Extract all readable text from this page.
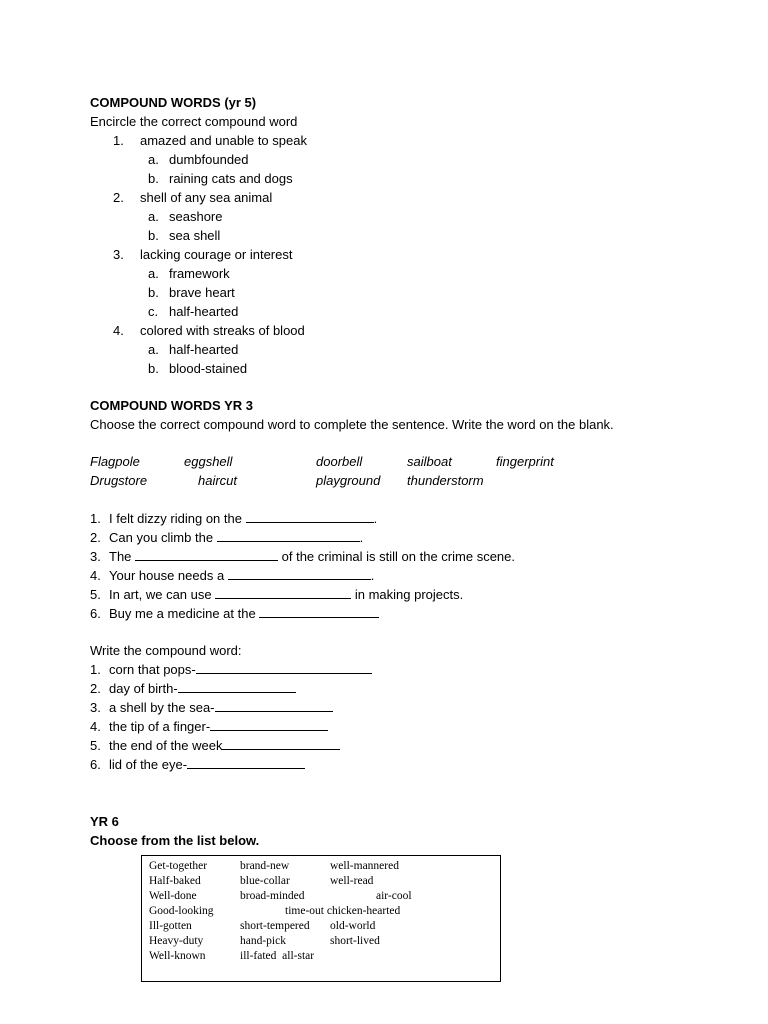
COMPOUND WORDS (yr 5)
Encircle the correct compound word
1. amazed and unable to speak
a. dumbfounded
b. raining cats and dogs
2. shell of any sea animal
a. seashore
b. sea shell
3. lacking courage or interest
a. framework
b. brave heart
c. half-hearted
4. colored with streaks of blood
a. half-hearted
b. blood-stained
COMPOUND WORDS YR 3
Choose the correct compound word to complete the sentence. Write the word on the blank.
Flagpole	eggshell	doorbell	sailboat	fingerprint
Drugstore	haircut	playground thunderstorm
1. I felt dizzy riding on the	.
2. Can you climb the	.
3. The	of the criminal is still on the crime scene.
4. Your house needs a	.
5. In art, we can use	in making projects.
6. Buy me a medicine at the
Write the compound word:
1. corn that pops-
2. day of birth-
3. a shell by the sea-
4. the tip of a finger-
5. the end of the week
6. lid of the eye-
YR 6
Choose from the list below.
Get-together	brand-new	well-mannered
Half-baked	blue-collar	well-read
Well-done	broad-minded	air-cool
Good-looking	time-out chicken-hearted
Ill-gotten	short-tempered old-world
Heavy-duty	hand-pick	short-lived
Well-known	ill-fated  all-star
